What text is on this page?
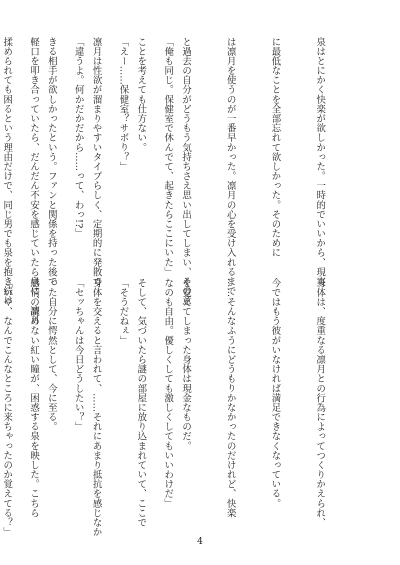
泉はとにかく快楽が欲しかった。一時的でいいから、現実

に最低なことを全部忘れて欲しかった。そのために

は凛月を使うのが一番早かった。凛月の心を受け入れるまで

と過去の自分がどうもう気持ちさえ思い出してしまい、その意

ことを考えても仕方ない。

凛月は性欲が溜まりやすいタイプらしく、定期的に発散で

きる相手が欲しかったという。ファンと関係を持った後で

揉められても困るという理由だけで、同じ男でも泉を抱き続け

身体は、度重なる凛月との行為によってつくりかえられ、

今ではもう彼がいなければ満足できなくなっている。

……そんなふうにどうもりかなかったのだけれど、快楽

を覚えてしまった身体は現金なものだ。

そして、気づいたら謎の部屋に放り込まれていて、ここで

身体を交えると言われて、……それにあまり抵抗を感じなか

った自分に愕然として、今に至る。

「いや、なんでこんなところに来ちゃったのか覚えてる？」

「俺も同じ。保健室で休んでて、起きたらここにいた」

「えー……保健室？サボり？」

「違うよ。何かだかだから……って、わっ!?」

軽口を叩き合っていたら、だんだん不安を感じていたら泉に、凛月

なのも自由。優しくしても激しくしてもいいわけだ」

「そうだねぇ」

「セッちゃんは今日どうしたい？」

感情の読めない紅い瞳が、困惑する泉を映した。こちら

4
